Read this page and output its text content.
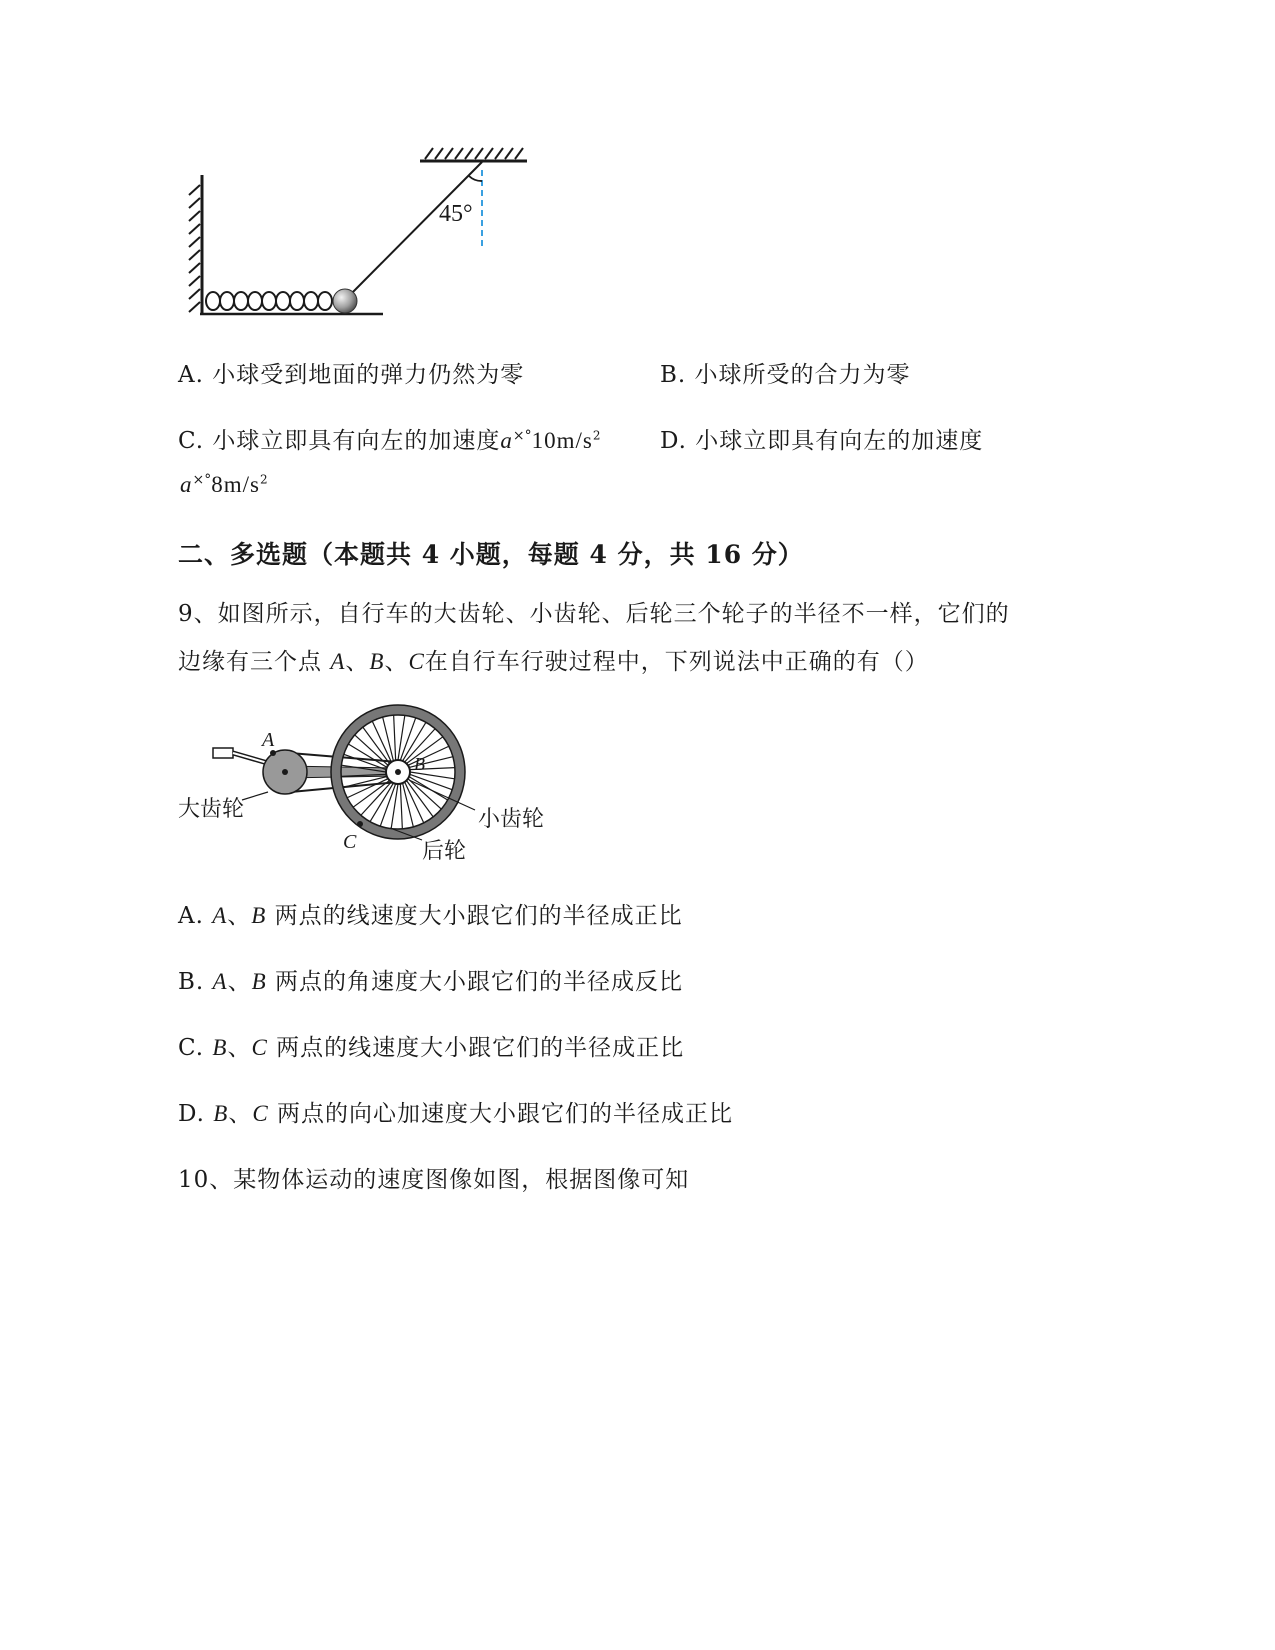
45°
A. 小球受到地面的弹力仍然为零	B. 小球所受的合力为零
C. 小球立即具有向左的加速度$a^{\times^\circ}10m/s^2$	D. 小球立即具有向左的加速度
$a^{\times^\circ}8m/s^2$
二、多选题（本题共 4 小题，每题 4 分，共 16 分）
9、如图所示，自行车的大齿轮、小齿轮、后轮三个轮子的半径不一样，它们的
边缘有三个点 A、B、C在自行车行驶过程中，下列说法中正确的有（）
A
B
C
大齿轮	小齿轮
后轮
A. A、B 两点的线速度大小跟它们的半径成正比
B. A、B 两点的角速度大小跟它们的半径成反比
C. B、C 两点的线速度大小跟它们的半径成正比
D. B、C 两点的向心加速度大小跟它们的半径成正比
10、某物体运动的速度图像如图，根据图像可知
